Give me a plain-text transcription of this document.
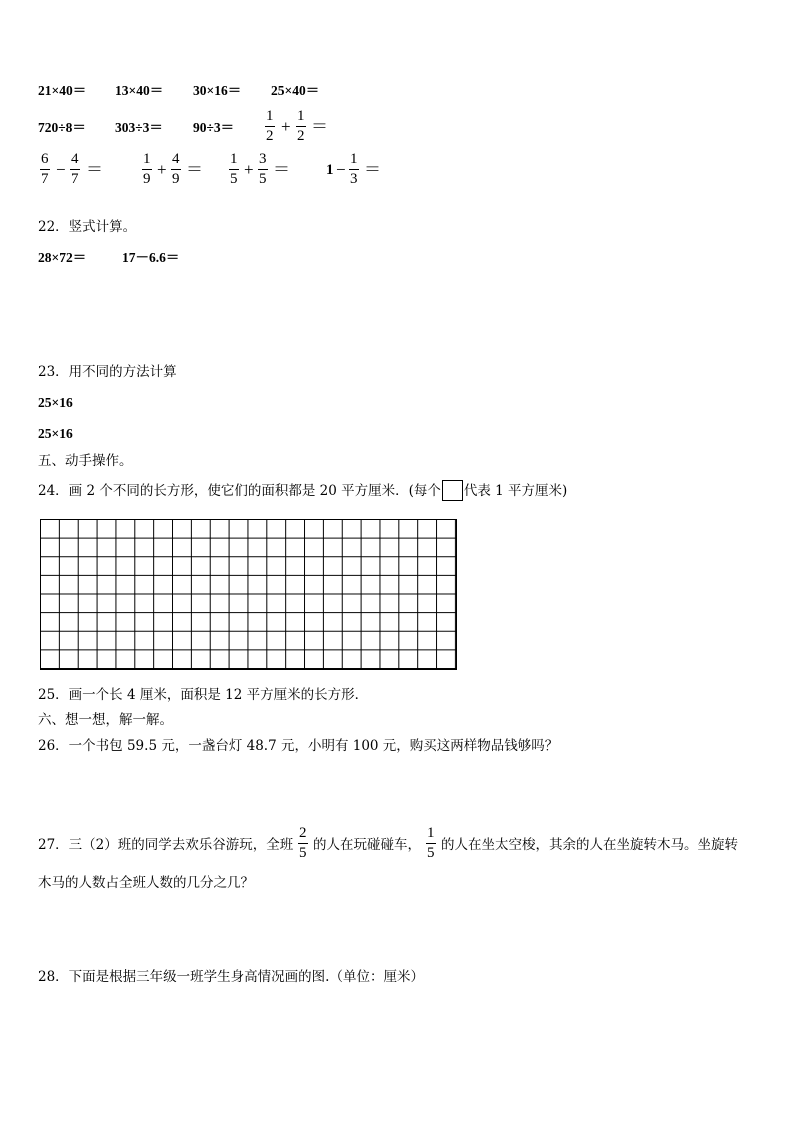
21×40＝ 13×40＝ 30×16＝ 25×40＝
720÷8＝ 303÷3＝ 90÷3＝
1
2 +
1
2 ＝
6
7 −
4
7 ＝
1
9 +
4
9 ＝
1
5 +
3
5 ＝ 1 −
1
3 ＝
22．竖式计算。
28×72＝	17－6.6＝
23．用不同的方法计算
25×16
25×16
五、动手操作。
24．画 2 个不同的长方形，使它们的面积都是 20 平方厘米．(每个 代表 1 平方厘米)
25．画一个长 4 厘米，面积是 12 平方厘米的长方形．
六、想一想，解一解。
26．一个书包 59.5 元，一盏台灯 48.7 元，小明有 100 元，购买这两样物品钱够吗？
27．三（2）班的同学去欢乐谷游玩，全班
2
5 的人在玩碰碰车，
1
5 的人在坐太空梭，其余的人在坐旋转木马。坐旋转
木马的人数占全班人数的几分之几？
28．下面是根据三年级一班学生身高情况画的图.（单位：厘米）
